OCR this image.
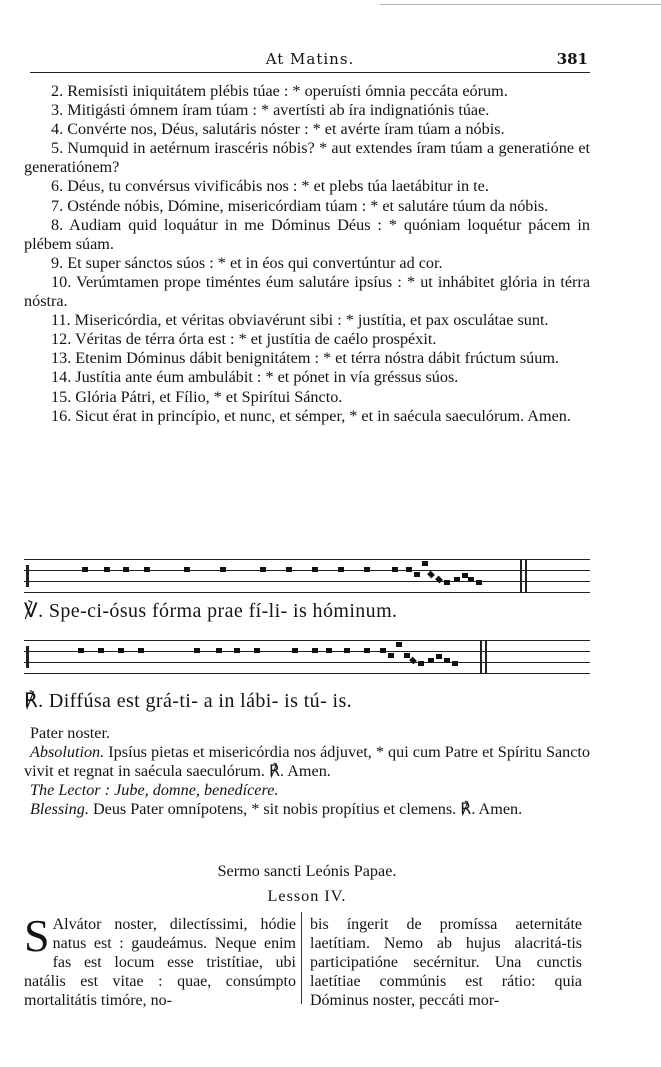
At Matins.	381

2. Remisísti iniquitátem plébis túae : * operuísti ómnia peccáta eórum.

3. Mitigásti ómnem íram túam : * avertísti ab íra indignatiónis túae.

4. Convérte nos, Déus, salutáris nóster : * et avérte íram túam a nóbis.

5. Numquid in aetérnum irascéris nóbis? * aut extendes íram túam a generatióne et generatiónem?

6. Déus, tu convérsus vivificábis nos : * et plebs túa laetábitur in te.

7. Osténde nóbis, Dómine, misericórdiam túam : * et salutáre túum da nóbis.

8. Audiam quid loquátur in me Dóminus Déus : * quóniam loquétur pácem in plébem súam.

9. Et super sánctos súos : * et in éos qui convertúntur ad cor.

10. Verúmtamen prope timéntes éum salutáre ipsíus : * ut inhábitet glória in térra nóstra.

11. Misericórdia, et véritas obviavérunt sibi : * justítia, et pax osculátae sunt.

12. Véritas de térra órta est : * et justítia de caélo prospéxit.

13. Etenim Dóminus dábit benignitátem : * et térra nóstra dábit frúctum súum.

14. Justítia ante éum ambulábit : * et pónet in vía gréssus súos.

15. Glória Pátri, et Fílio, * et Spirítui Sáncto.

16. Sicut érat in princípio, et nunc, et sémper, * et in saécula saeculórum. Amen.

℣. Spe-ci-ósus fórma prae fí-li- is hóminum.
℟. Diffúsa est grá-ti- a in lábi- is tú- is.

Pater noster.

Absolution. Ipsíus pietas et misericórdia nos ádjuvet, * qui cum Patre et Spíritu Sancto vivit et regnat in saécula saeculórum. ℟. Amen.

The Lector : Jube, domne, benedícere.

Blessing. Deus Pater omnípotens, * sit nobis propítius et clemens. ℟. Amen.

Sermo sancti Leónis Papae.
Lesson IV.
S Alvátor noster, dilectíssimi, hódie natus est : gaudeámus. Neque enim fas est locum esse tristítiae, ubi natális est vitae : quae, consúmpto mortalitátis timóre, no-
bis íngerit de promíssa aeternitáte laetítiam. Nemo ab hujus alacritá-tis participatióne secérnitur. Una cunctis laetítiae commúnis est rátio: quia Dóminus noster, peccáti mor-
